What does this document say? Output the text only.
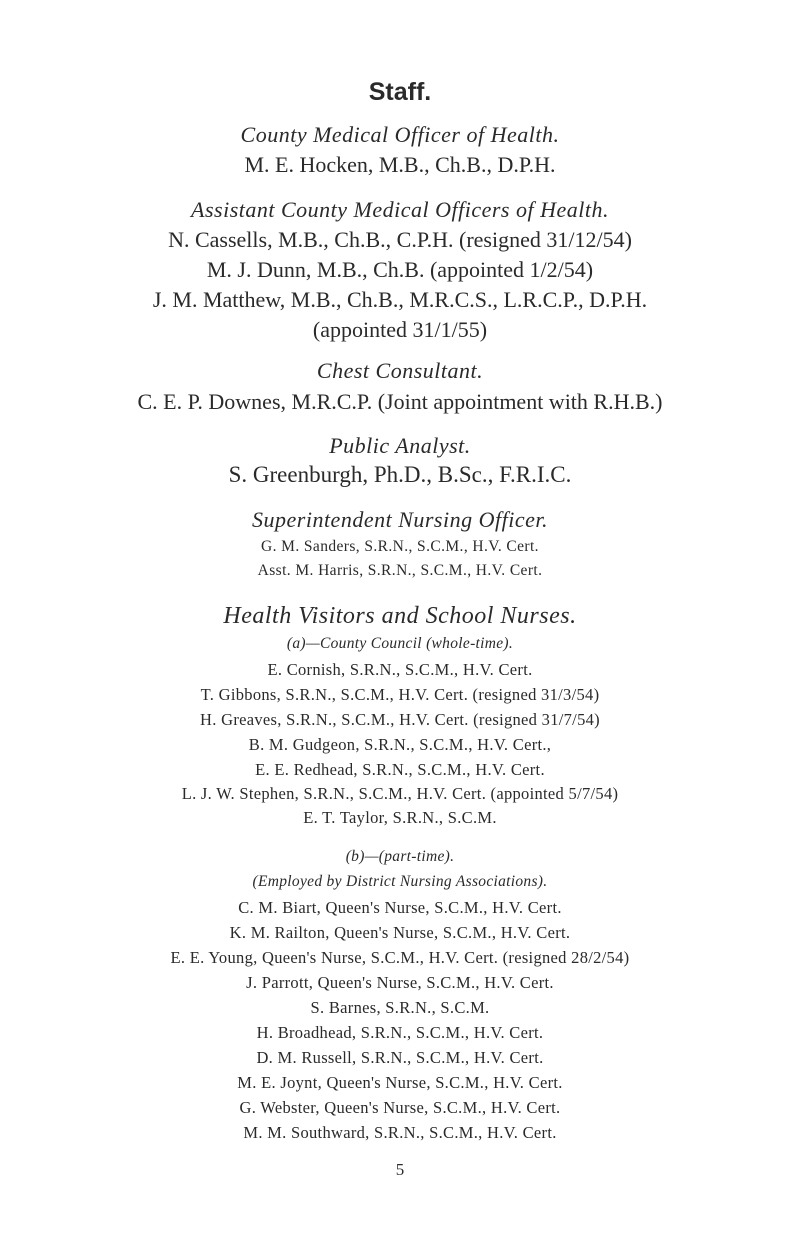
Staff.
County Medical Officer of Health.
M. E. Hocken, M.B., Ch.B., D.P.H.
Assistant County Medical Officers of Health.
N. Cassells, M.B., Ch.B., C.P.H. (resigned 31/12/54)
M. J. Dunn, M.B., Ch.B. (appointed 1/2/54)
J. M. Matthew, M.B., Ch.B., M.R.C.S., L.R.C.P., D.P.H.
(appointed 31/1/55)
Chest Consultant.
C. E. P. Downes, M.R.C.P. (Joint appointment with R.H.B.)
Public Analyst.
S. Greenburgh, Ph.D., B.Sc., F.R.I.C.
Superintendent Nursing Officer.
G. M. Sanders, S.R.N., S.C.M., H.V. Cert.
Asst. M. Harris, S.R.N., S.C.M., H.V. Cert.
Health Visitors and School Nurses.
(a)—County Council (whole-time).
E. Cornish, S.R.N., S.C.M., H.V. Cert.
T. Gibbons, S.R.N., S.C.M., H.V. Cert. (resigned 31/3/54)
H. Greaves, S.R.N., S.C.M., H.V. Cert. (resigned 31/7/54)
B. M. Gudgeon, S.R.N., S.C.M., H.V. Cert.,
E. E. Redhead, S.R.N., S.C.M., H.V. Cert.
L. J. W. Stephen, S.R.N., S.C.M., H.V. Cert. (appointed 5/7/54)
E. T. Taylor, S.R.N., S.C.M.
(b)—(part-time).
(Employed by District Nursing Associations).
C. M. Biart, Queen's Nurse, S.C.M., H.V. Cert.
K. M. Railton, Queen's Nurse, S.C.M., H.V. Cert.
E. E. Young, Queen's Nurse, S.C.M., H.V. Cert. (resigned 28/2/54)
J. Parrott, Queen's Nurse, S.C.M., H.V. Cert.
S. Barnes, S.R.N., S.C.M.
H. Broadhead, S.R.N., S.C.M., H.V. Cert.
D. M. Russell, S.R.N., S.C.M., H.V. Cert.
M. E. Joynt, Queen's Nurse, S.C.M., H.V. Cert.
G. Webster, Queen's Nurse, S.C.M., H.V. Cert.
M. M. Southward, S.R.N., S.C.M., H.V. Cert.
5
